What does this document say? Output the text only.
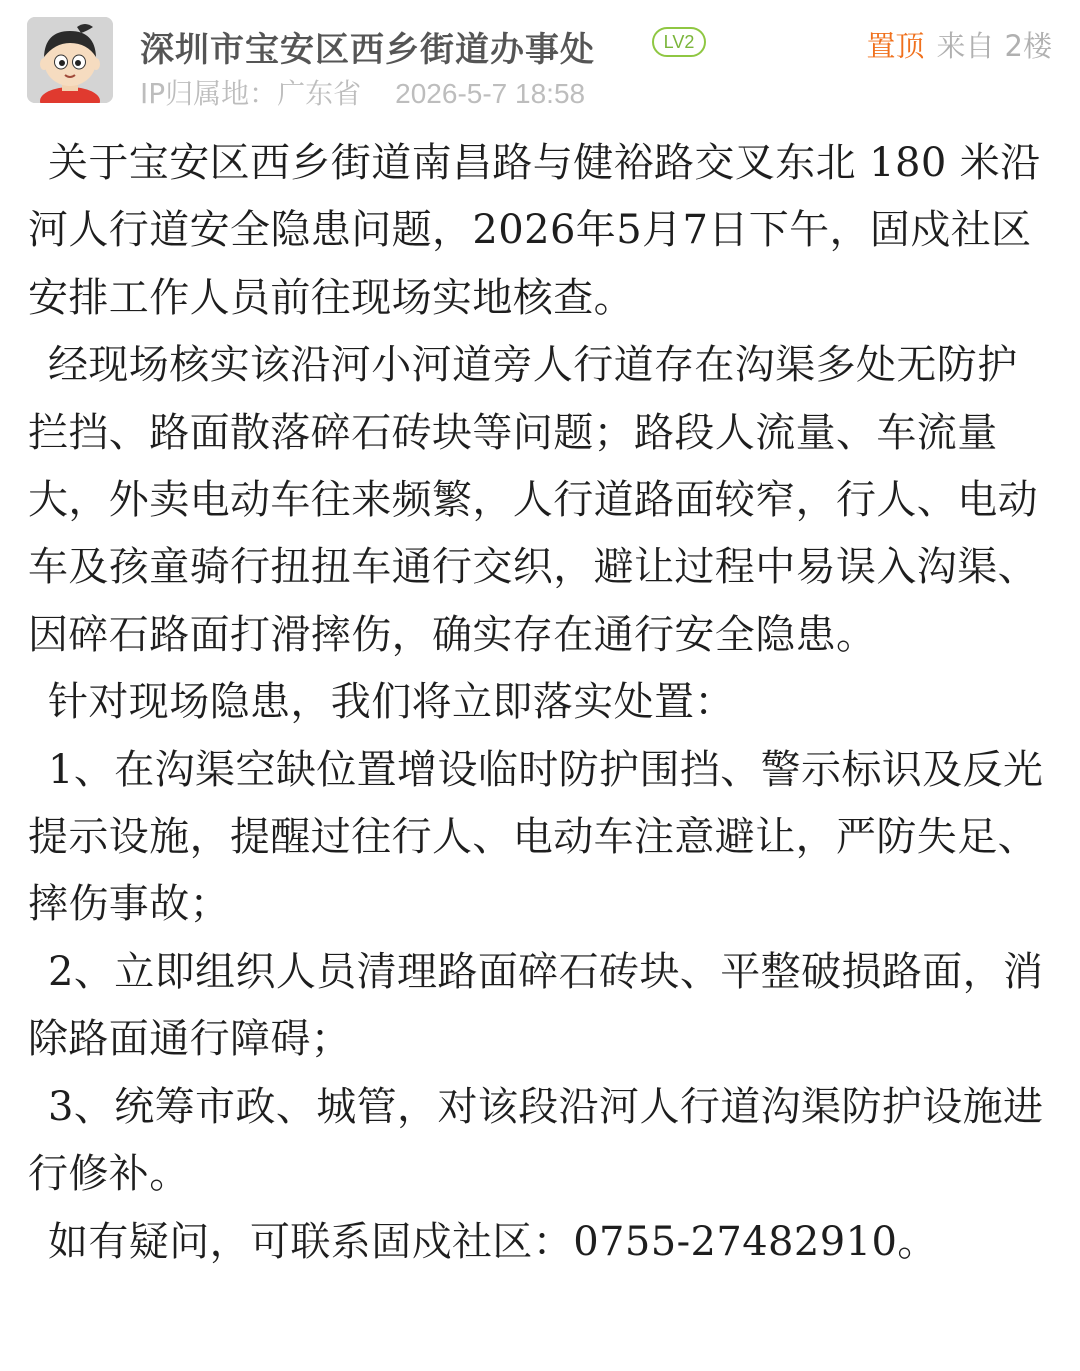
深圳市宝安区西乡街道办事处	LV2	置顶 来自 2楼
IP归属地：广东省 2026-5-7 18:58

关于宝安区西乡街道南昌路与健裕路交叉东北 180 米沿河人行道安全隐患问题，2026年5月7日下午，固戍社区安排工作人员前往现场实地核查。

经现场核实该沿河小河道旁人行道存在沟渠多处无防护拦挡、路面散落碎石砖块等问题；路段人流量、车流量大，外卖电动车往来频繁，人行道路面较窄，行人、电动车及孩童骑行扭扭车通行交织，避让过程中易误入沟渠、因碎石路面打滑摔伤，确实存在通行安全隐患。

针对现场隐患，我们将立即落实处置：

1、在沟渠空缺位置增设临时防护围挡、警示标识及反光提示设施，提醒过往行人、电动车注意避让，严防失足、摔伤事故；

2、立即组织人员清理路面碎石砖块、平整破损路面，消除路面通行障碍；

3、统筹市政、城管，对该段沿河人行道沟渠防护设施进行修补。

如有疑问，可联系固戍社区：0755-27482910。
